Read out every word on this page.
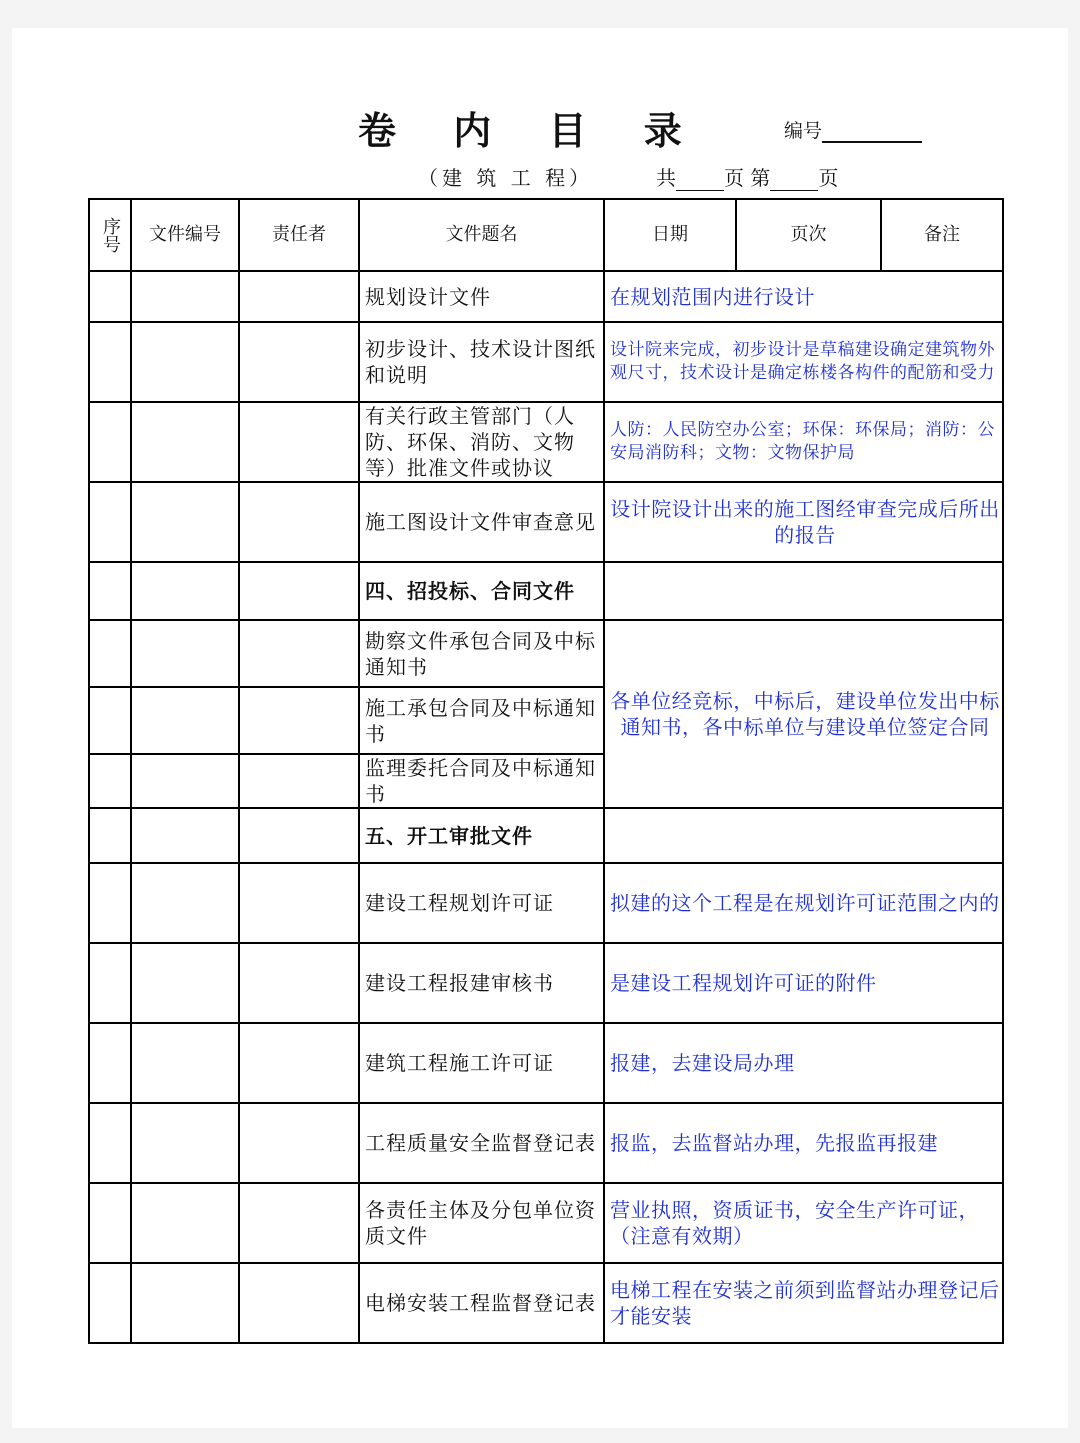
卷 内 目 录	编号
（建 筑 工 程）	共 页 第 页
序号	文件编号	责任者	文件题名	日期	页次	备注
			规划设计文件	在规划范围内进行设计		
			初步设计、技术设计图纸和说明	设计院来完成，初步设计是草稿建设确定建筑物外观尺寸，技术设计是确定栋楼各构件的配筋和受力		
			有关行政主管部门（人防、环保、消防、文物等）批准文件或协议	人防：人民防空办公室；环保：环保局；消防：公安局消防科；文物：文物保护局		
			施工图设计文件审查意见	设计院设计出来的施工图经审查完成后所出的报告		
			四、招投标、合同文件			
			勘察文件承包合同及中标通知书	各单位经竞标，中标后，建设单位发出中标通知书，各中标单位与建设单位签定合同		
			施工承包合同及中标通知书			
			监理委托合同及中标通知书			
			五、开工审批文件			
			建设工程规划许可证	拟建的这个工程是在规划许可证范围之内的		
			建设工程报建审核书	是建设工程规划许可证的附件		
			建筑工程施工许可证	报建，去建设局办理		
			工程质量安全监督登记表	报监，去监督站办理，先报监再报建		
			各责任主体及分包单位资质文件	营业执照，资质证书，安全生产许可证，（注意有效期）		
			电梯安装工程监督登记表	电梯工程在安装之前须到监督站办理登记后才能安装		
